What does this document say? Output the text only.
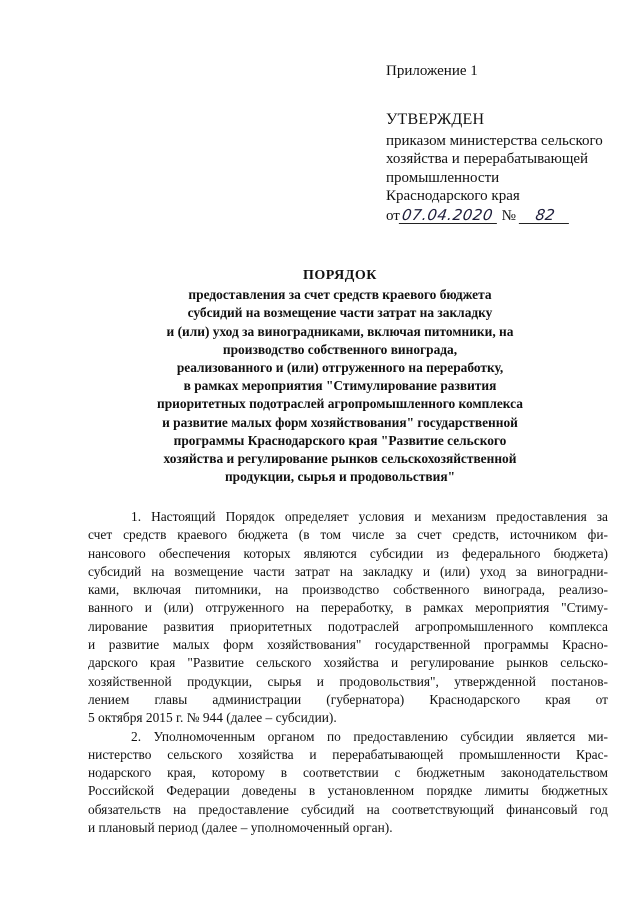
Приложение 1
УТВЕРЖДЕН
приказом министерства сельского
хозяйства и перерабатывающей
промышленности
Краснодарского края
от07.04.2020 № 82
ПОРЯДОК
предоставления за счет средств краевого бюджета
субсидий на возмещение части затрат на закладку
и (или) уход за виноградниками, включая питомники, на
производство собственного винограда,
реализованного и (или) отгруженного на переработку,
в рамках мероприятия "Стимулирование развития
приоритетных подотраслей агропромышленного комплекса
и развитие малых форм хозяйствования" государственной
программы Краснодарского края "Развитие сельского
хозяйства и регулирование рынков сельскохозяйственной
продукции, сырья и продовольствия"
1. Настоящий Порядок определяет условия и механизм предоставления за
счет средств краевого бюджета (в том числе за счет средств, источником фи-
нансового обеспечения которых являются субсидии из федерального бюджета)
субсидий на возмещение части затрат на закладку и (или) уход за виноградни-
ками, включая питомники, на производство собственного винограда, реализо-
ванного и (или) отгруженного на переработку, в рамках мероприятия "Стиму-
лирование развития приоритетных подотраслей агропромышленного комплекса
и развитие малых форм хозяйствования" государственной программы Красно-
дарского края "Развитие сельского хозяйства и регулирование рынков сельско-
хозяйственной продукции, сырья и продовольствия", утвержденной постанов-
лением главы администрации (губернатора) Краснодарского края от
5 октября 2015 г. № 944 (далее – субсидии).
2. Уполномоченным органом по предоставлению субсидии является ми-
нистерство сельского хозяйства и перерабатывающей промышленности Крас-
нодарского края, которому в соответствии с бюджетным законодательством
Российской Федерации доведены в установленном порядке лимиты бюджетных
обязательств на предоставление субсидий на соответствующий финансовый год
и плановый период (далее – уполномоченный орган).
